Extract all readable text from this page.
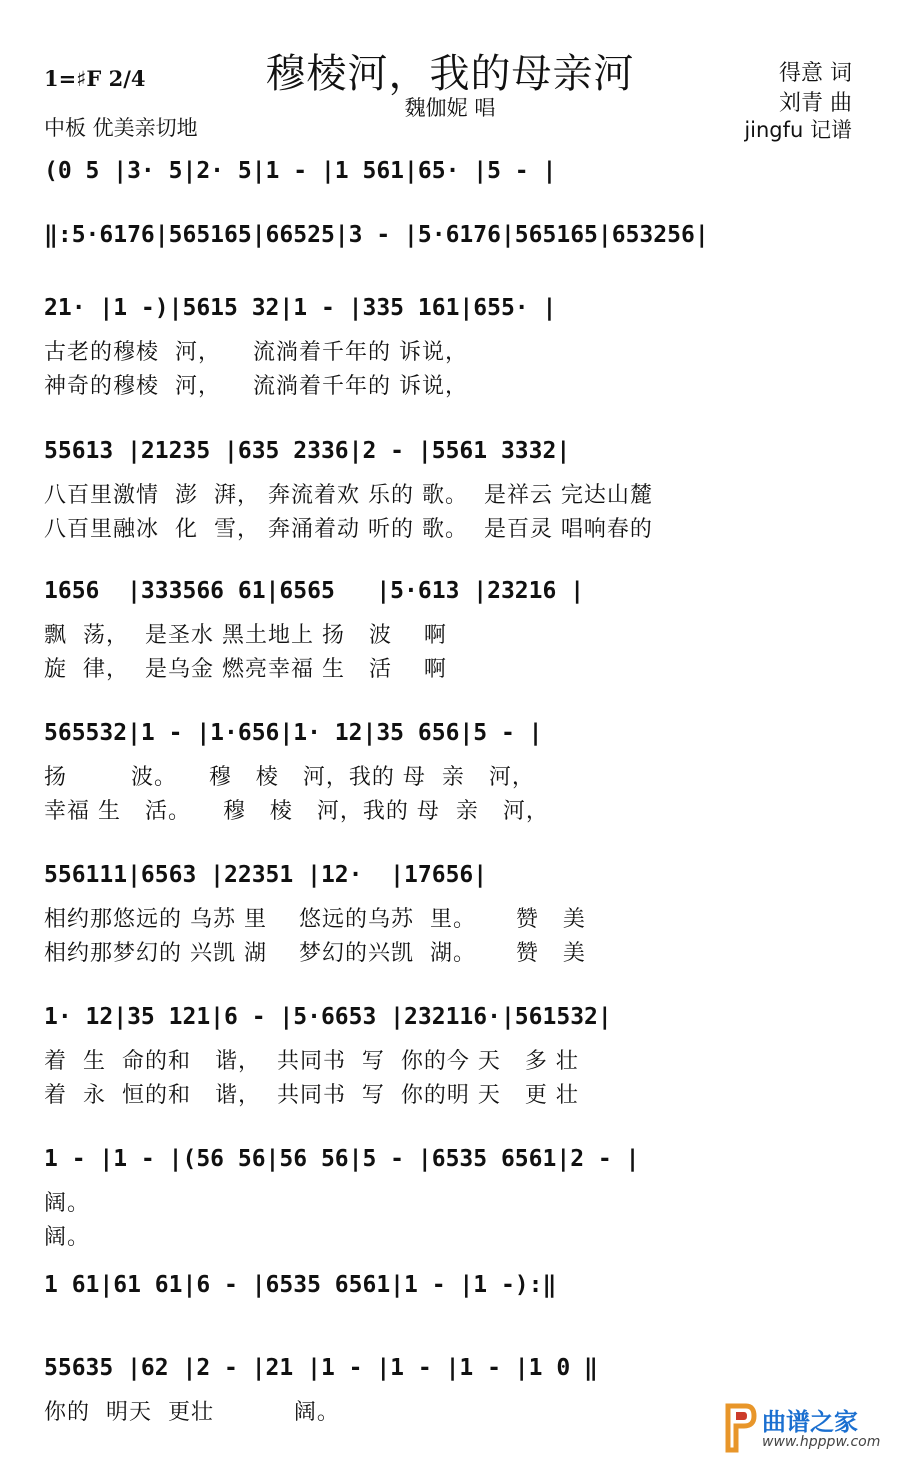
穆棱河，我的母亲河
魏伽妮 唱
1=♯F 2/4
中板 优美亲切地
得意 词
刘青 曲
jingfu 记谱
(0 5 |3· 5|2· 5|1 - |1 561|65· |5 - |
‖:5·6176|565165|66525|3 - |5·6176|565165|653256|
21· |1 -)|5615 32|1 - |335 161|655· |
古老的穆棱  河，    流淌着千年的 诉说，
神奇的穆棱  河，    流淌着千年的 诉说，
55613 |21235 |635 2336|2 - |5561 3332|
八百里激情  澎  湃， 奔流着欢 乐的 歌。  是祥云 完达山麓
八百里融冰  化  雪， 奔涌着动 听的 歌。  是百灵 唱响春的
1656  |333566 61|6565   |5·613 |23216 |
飘  荡，  是圣水 黑土地上 扬   波    啊
旋  律，  是乌金 燃亮幸福 生   活    啊
565532|1 - |1·656|1· 12|35 656|5 - |
扬        波。    穆   棱   河，我的 母  亲   河，
幸福 生   活。    穆   棱   河，我的 母  亲   河，
556111|6563 |22351 |12·  |17656|
相约那悠远的 乌苏 里    悠远的乌苏  里。     赞   美
相约那梦幻的 兴凯 湖    梦幻的兴凯  湖。     赞   美
1· 12|35 121|6 - |5·6653 |232116·|561532|
着  生  命的和   谐，  共同书  写  你的今 天   多 壮
着  永  恒的和   谐，  共同书  写  你的明 天   更 壮
1 - |1 - |(56 56|56 56|5 - |6535 6561|2 - |
阔。
阔。
1 61|61 61|6 - |6535 6561|1 - |1 -):‖
55635 |62 |2 - |21 |1 - |1 - |1 - |1 0 ‖
你的  明天  更壮          阔。	曲谱之家
www.hpppw.com
